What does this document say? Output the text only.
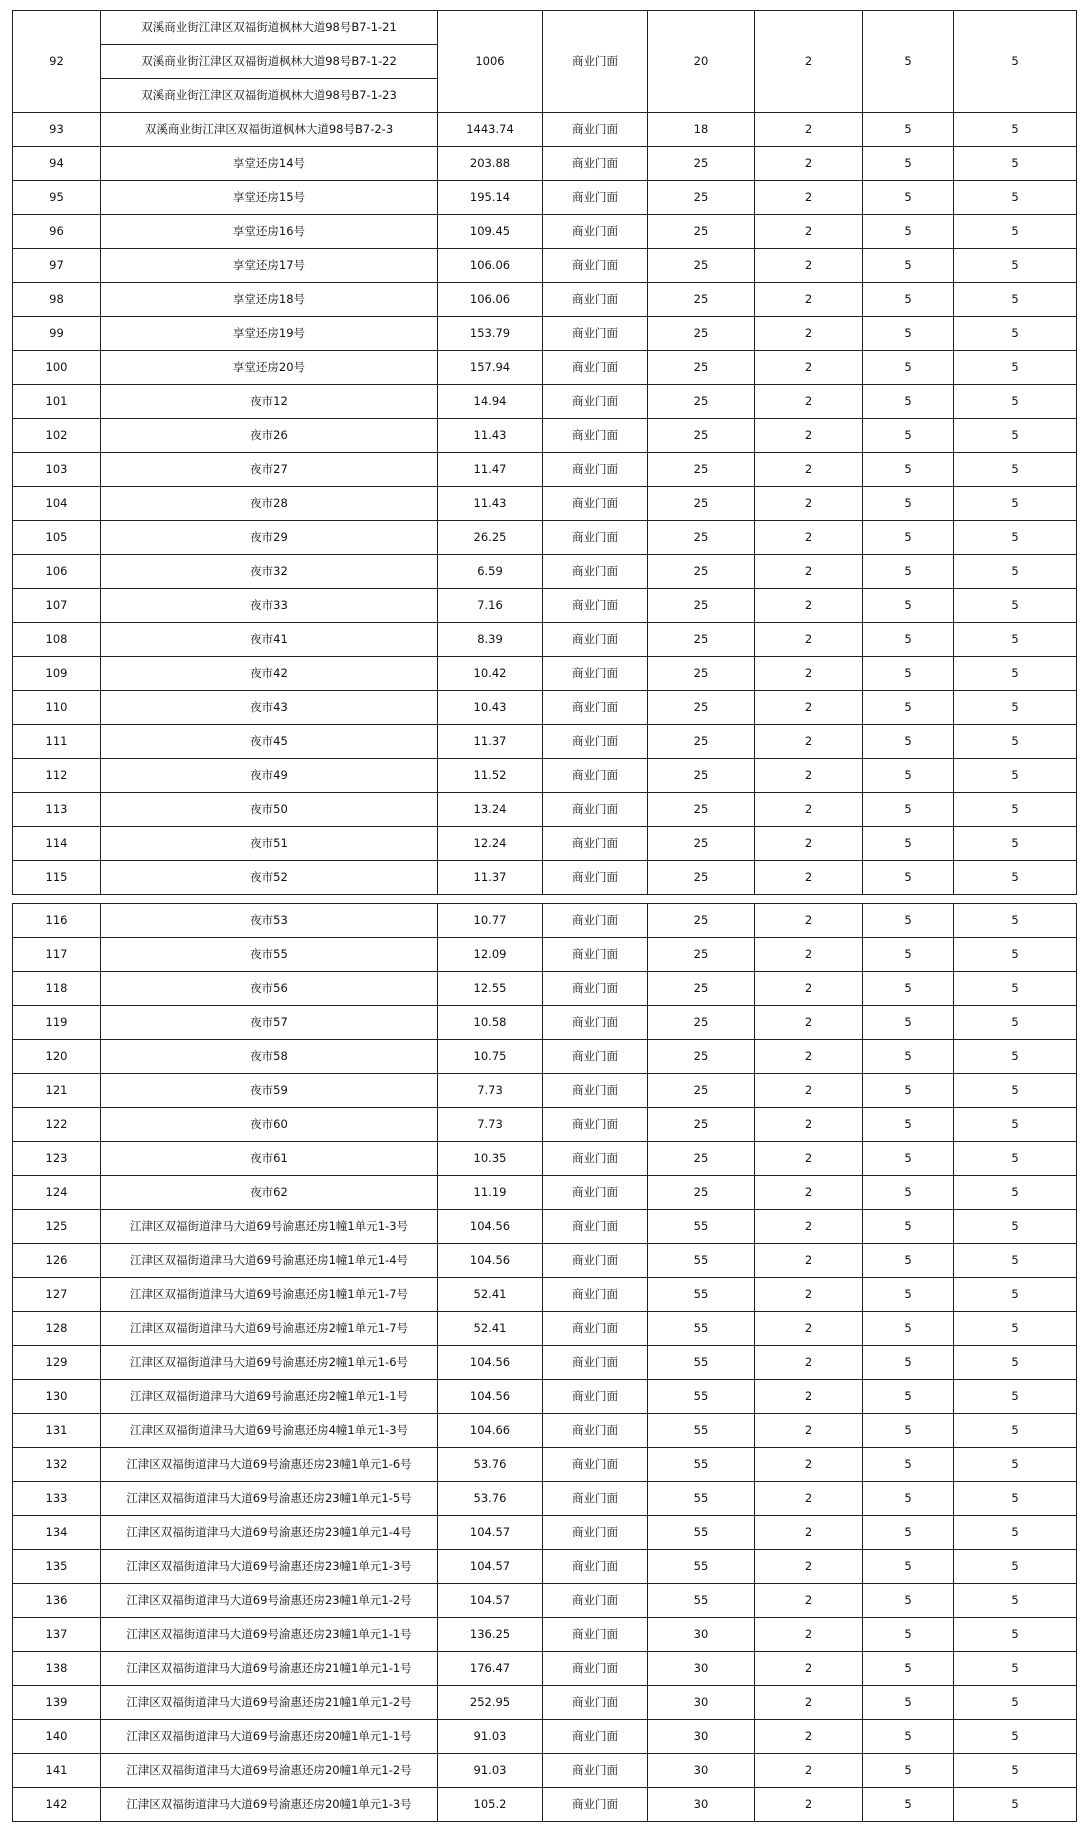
92	双溪商业街江津区双福街道枫林大道98号B7-1-21	1006	商业门面	20	2	5	5
	双溪商业街江津区双福街道枫林大道98号B7-1-22						
	双溪商业街江津区双福街道枫林大道98号B7-1-23						
93	双溪商业街江津区双福街道枫林大道98号B7-2-3	1443.74	商业门面	18	2	5	5
94	享堂还房14号	203.88	商业门面	25	2	5	5
95	享堂还房15号	195.14	商业门面	25	2	5	5
96	享堂还房16号	109.45	商业门面	25	2	5	5
97	享堂还房17号	106.06	商业门面	25	2	5	5
98	享堂还房18号	106.06	商业门面	25	2	5	5
99	享堂还房19号	153.79	商业门面	25	2	5	5
100	享堂还房20号	157.94	商业门面	25	2	5	5
101	夜市12	14.94	商业门面	25	2	5	5
102	夜市26	11.43	商业门面	25	2	5	5
103	夜市27	11.47	商业门面	25	2	5	5
104	夜市28	11.43	商业门面	25	2	5	5
105	夜市29	26.25	商业门面	25	2	5	5
106	夜市32	6.59	商业门面	25	2	5	5
107	夜市33	7.16	商业门面	25	2	5	5
108	夜市41	8.39	商业门面	25	2	5	5
109	夜市42	10.42	商业门面	25	2	5	5
110	夜市43	10.43	商业门面	25	2	5	5
111	夜市45	11.37	商业门面	25	2	5	5
112	夜市49	11.52	商业门面	25	2	5	5
113	夜市50	13.24	商业门面	25	2	5	5
114	夜市51	12.24	商业门面	25	2	5	5
115	夜市52	11.37	商业门面	25	2	5	5
116	夜市53	10.77	商业门面	25	2	5	5
117	夜市55	12.09	商业门面	25	2	5	5
118	夜市56	12.55	商业门面	25	2	5	5
119	夜市57	10.58	商业门面	25	2	5	5
120	夜市58	10.75	商业门面	25	2	5	5
121	夜市59	7.73	商业门面	25	2	5	5
122	夜市60	7.73	商业门面	25	2	5	5
123	夜市61	10.35	商业门面	25	2	5	5
124	夜市62	11.19	商业门面	25	2	5	5
125	江津区双福街道津马大道69号渝惠还房1幢1单元1-3号	104.56	商业门面	55	2	5	5
126	江津区双福街道津马大道69号渝惠还房1幢1单元1-4号	104.56	商业门面	55	2	5	5
127	江津区双福街道津马大道69号渝惠还房1幢1单元1-7号	52.41	商业门面	55	2	5	5
128	江津区双福街道津马大道69号渝惠还房2幢1单元1-7号	52.41	商业门面	55	2	5	5
129	江津区双福街道津马大道69号渝惠还房2幢1单元1-6号	104.56	商业门面	55	2	5	5
130	江津区双福街道津马大道69号渝惠还房2幢1单元1-1号	104.56	商业门面	55	2	5	5
131	江津区双福街道津马大道69号渝惠还房4幢1单元1-3号	104.66	商业门面	55	2	5	5
132	江津区双福街道津马大道69号渝惠还房23幢1单元1-6号	53.76	商业门面	55	2	5	5
133	江津区双福街道津马大道69号渝惠还房23幢1单元1-5号	53.76	商业门面	55	2	5	5
134	江津区双福街道津马大道69号渝惠还房23幢1单元1-4号	104.57	商业门面	55	2	5	5
135	江津区双福街道津马大道69号渝惠还房23幢1单元1-3号	104.57	商业门面	55	2	5	5
136	江津区双福街道津马大道69号渝惠还房23幢1单元1-2号	104.57	商业门面	55	2	5	5
137	江津区双福街道津马大道69号渝惠还房23幢1单元1-1号	136.25	商业门面	30	2	5	5
138	江津区双福街道津马大道69号渝惠还房21幢1单元1-1号	176.47	商业门面	30	2	5	5
139	江津区双福街道津马大道69号渝惠还房21幢1单元1-2号	252.95	商业门面	30	2	5	5
140	江津区双福街道津马大道69号渝惠还房20幢1单元1-1号	91.03	商业门面	30	2	5	5
141	江津区双福街道津马大道69号渝惠还房20幢1单元1-2号	91.03	商业门面	30	2	5	5
142	江津区双福街道津马大道69号渝惠还房20幢1单元1-3号	105.2	商业门面	30	2	5	5
